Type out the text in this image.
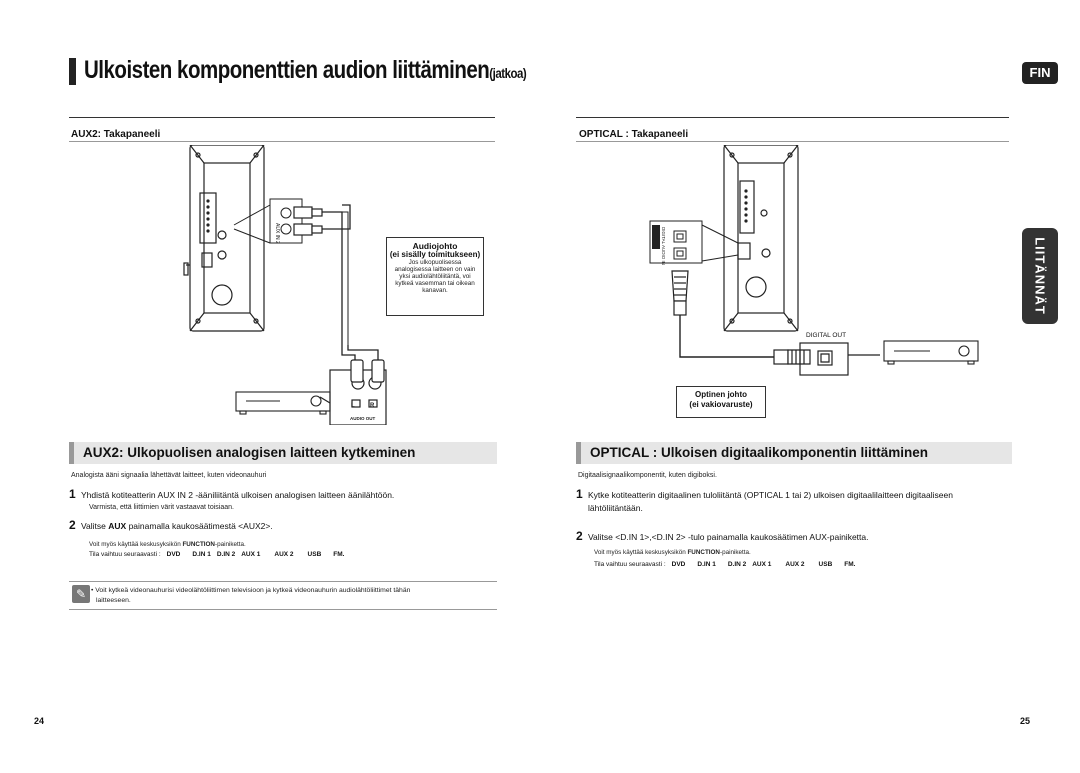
Ulkoisten komponenttien audion liittäminen(jatkoa)	FIN
LIITÄNNÄT
AUX2: Takapaneeli
AUX IN 2
L	R
AUDIO OUT
Audiojohto
(ei sisälly toimitukseen)
Jos ulkopuolisessa
analogisessa laitteen on vain
yksi audiolähtöliitäntä, voi
kytkeä vasemman tai oikean
kanavan.
AUX2: Ulkopuolisen analogisen laitteen kytkeminen
Analogista ääni signaalia lähettävät laitteet, kuten videonauhuri
1 Yhdistä kotiteatterin AUX IN 2 -ääniliitäntä ulkoisen analogisen laitteen äänilähtöön.
Varmista, että liittimien värit vastaavat toisiaan.
2 Valitse AUX painamalla kaukosäätimestä <AUX2>.
Voit myös käyttää keskusyksikön FUNCTION-painiketta.
Tila vaihtuu seuraavasti : DVD D.IN 1 D.IN 2 AUX 1 AUX 2 USB FM.
✎ • Voit kytkeä videonauhurisi videolähtöliittimen televisioon ja kytkeä videonauhurin audiolähtöliittimet tähän
laitteeseen.
24
OPTICAL : Takapaneeli
DIGITAL AUDIO IN
DIGITAL OUT
Optinen johto
(ei vakiovaruste)
OPTICAL : Ulkoisen digitaalikomponentin liittäminen
Digitaalisignaalikomponentit, kuten digiboksi.
1 Kytke kotiteatterin digitaalinen tuloliitäntä (OPTICAL 1 tai 2) ulkoisen digitaalilaitteen digitaaliseen
lähtöliitäntään.
2 Valitse <D.IN 1>,<D.IN 2> -tulo painamalla kaukosäätimen AUX-painiketta.
Voit myös käyttää keskusyksikön FUNCTION-painiketta.
Tila vaihtuu seuraavasti : DVD D.IN 1 D.IN 2 AUX 1 AUX 2 USB FM.
25
